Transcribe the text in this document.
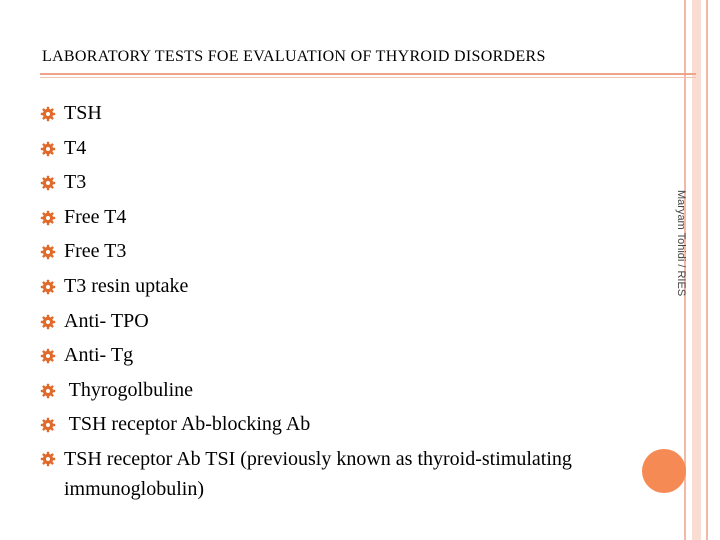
LABORATORY TESTS FOE EVALUATION OF THYROID DISORDERS
TSH
T4
T3
Free T4
Free T3
T3 resin uptake
Anti- TPO
Anti- Tg
Thyrogolbuline
TSH receptor Ab-blocking Ab
TSH receptor Ab TSI (previously known as thyroid-stimulating immunoglobulin)
Maryam Tohidi / RIES
